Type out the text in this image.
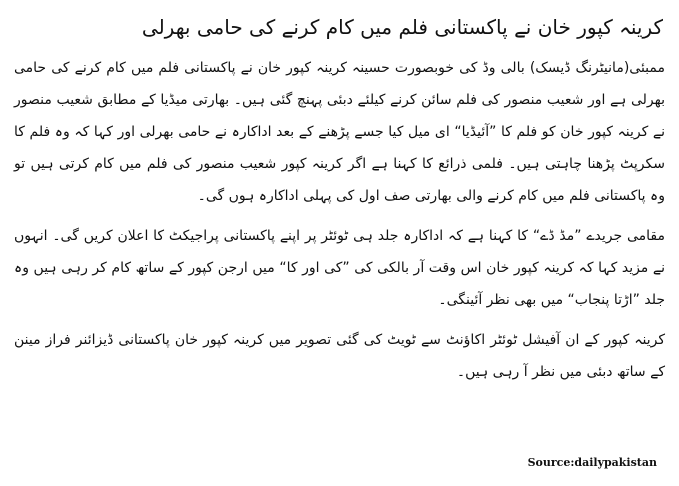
کرینہ کپور خان نے پاکستانی فلم میں کام کرنے کی حامی بھرلی

ممبئی(مانیٹرنگ ڈیسک) بالی وڈ کی خوبصورت حسینہ کرینہ کپور خان نے پاکستانی فلم میں کام کرنے کی حامی بھرلی ہے اور شعیب منصور کی فلم سائن کرنے کیلئے دبئی پہنچ گئی ہیں۔ بھارتی میڈیا کے مطابق شعیب منصور نے کرینہ کپور خان کو فلم کا ”آئیڈیا“ ای میل کیا جسے پڑھنے کے بعد اداکارہ نے حامی بھرلی اور کہا کہ وہ فلم کا سکرپٹ پڑھنا چاہتی ہیں۔ فلمی ذرائع کا کہنا ہے اگر کرینہ کپور شعیب منصور کی فلم میں کام کرتی ہیں تو وہ پاکستانی فلم میں کام کرنے والی بھارتی صف اول کی پہلی اداکارہ ہوں گی۔

مقامی جریدے ”مڈ ڈے“ کا کہنا ہے کہ اداکارہ جلد ہی ٹوئٹر پر اپنے پاکستانی پراجیکٹ کا اعلان کریں گی۔ انہوں نے مزید کہا کہ کرینہ کپور خان اس وقت آر بالکی کی ”کی اور کا“ میں ارجن کپور کے ساتھ کام کر رہی ہیں وہ جلد ”اڑتا پنجاب“ میں بھی نظر آئینگی۔

کرینہ کپور کے ان آفیشل ٹوئٹر اکاؤنٹ سے ٹویٹ کی گئی تصویر میں کرینہ کپور خان پاکستانی ڈیزائنر فراز مینن کے ساتھ دبئی میں نظر آ رہی ہیں۔

Source:dailypakistan
